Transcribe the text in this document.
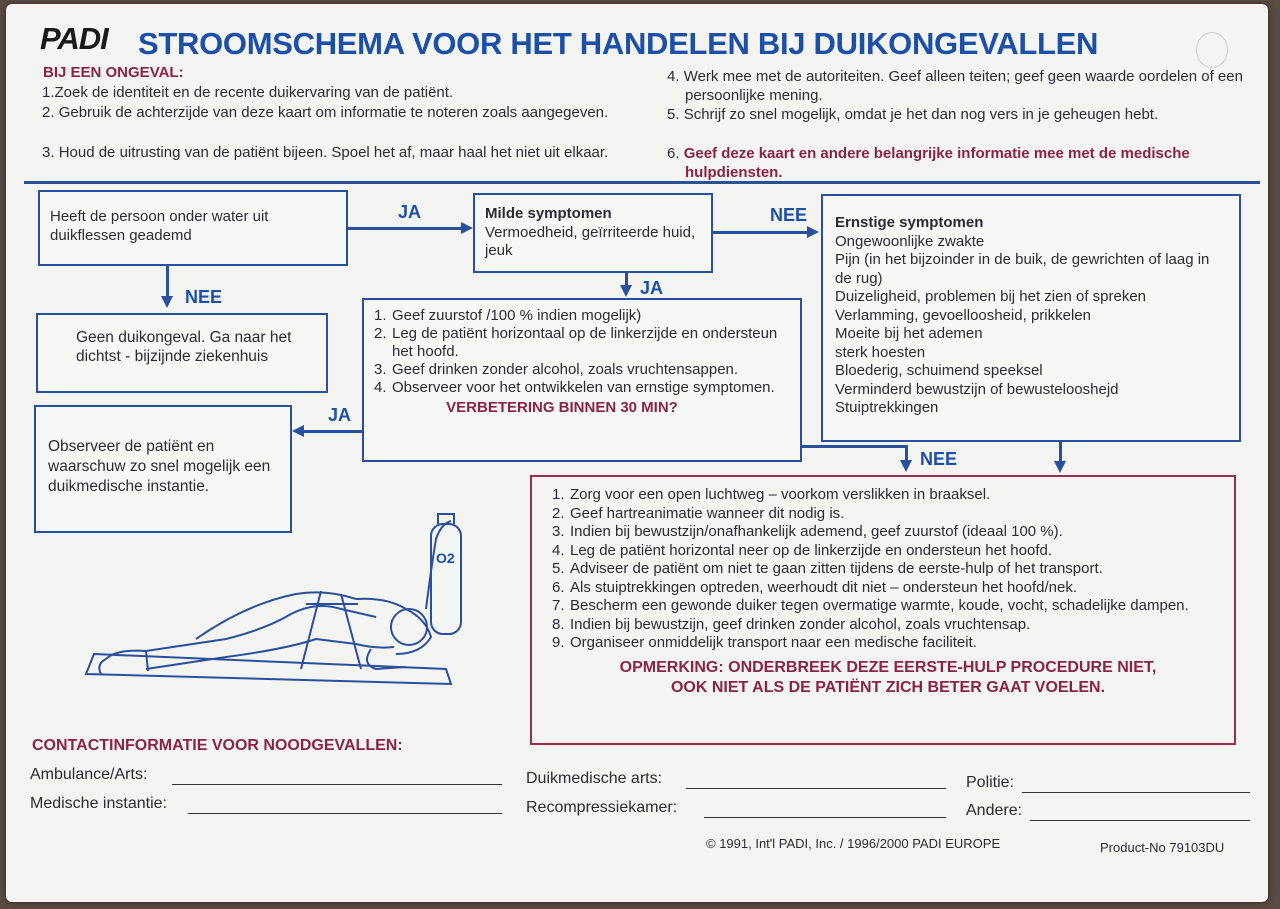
PADI STROOMSCHEMA VOOR HET HANDELEN BIJ DUIKONGEVALLEN
BIJ EEN ONGEVAL:
1.Zoek de identiteit en de recente duikervaring van de patiënt.
2. Gebruik de achterzijde van deze kaart om informatie te noteren zoals aangegeven.
3. Houd de uitrusting van de patiënt bijeen. Spoel het af, maar haal het niet uit elkaar.
4. Werk mee met de autoriteiten. Geef alleen teiten; geef geen waarde oordelen of een persoonlijke mening.
5. Schrijf zo snel mogelijk, omdat je het dan nog vers in je geheugen hebt.
6. Geef deze kaart en andere belangrijke informatie mee met de medische hulpdiensten.
Heeft de persoon onder water uit duikflessen geademd
JA	Milde symptomen
Vermoedheid, geïrriteerde huid, jeuk
NEE Ernstige symptomen
Ongewoonlijke zwakte
Pijn (in het bijzoinder in de buik, de gewrichten of laag in de rug)
Duizeligheid, problemen bij het zien of spreken
Verlamming, gevoelloosheid, prikkelen
Moeite bij het ademen
sterk hoesten
Bloederig, schuimend speeksel
Verminderd bewustzijn of bewustelooshejd
Stuiptrekkingen
NEE
Geen duikongeval. Ga naar het dichtst - bijzijnde ziekenhuis
JA
1. Geef zuurstof /100 % indien mogelijk)
2. Leg de patiënt horizontaal op de linkerzijde en ondersteun het hoofd.
3. Geef drinken zonder alcohol, zoals vruchtensappen.
4. Observeer voor het ontwikkelen van ernstige symptomen.
VERBETERING BINNEN 30 MIN?
JA
Observeer de patiënt en waarschuw zo snel mogelijk een duikmedische instantie.
NEE
1. Zorg voor een open luchtweg – voorkom verslikken in braaksel.
2. Geef hartreanimatie wanneer dit nodig is.
3. Indien bij bewustzijn/onafhankelijk ademend, geef zuurstof (ideaal 100 %).
4. Leg de patiënt horizontal neer op de linkerzijde en ondersteun het hoofd.
5. Adviseer de patiënt om niet te gaan zitten tijdens de eerste-hulp of het transport.
6. Als stuiptrekkingen optreden, weerhoudt dit niet – ondersteun het hoofd/nek.
7. Bescherm een gewonde duiker tegen overmatige warmte, koude, vocht, schadelijke dampen.
8. Indien bij bewustzijn, geef drinken zonder alcohol, zoals vruchtensap.
9. Organiseer onmiddelijk transport naar een medische faciliteit.
OPMERKING: ONDERBREEK DEZE EERSTE-HULP PROCEDURE NIET,
OOK NIET ALS DE PATIËNT ZICH BETER GAAT VOELEN.
O2
CONTACTINFORMATIE VOOR NOODGEVALLEN:
Ambulance/Arts:
Medische instantie:
Duikmedische arts:
Recompressiekamer:
Politie:
Andere:
© 1991, Int'l PADI, Inc. / 1996/2000 PADI EUROPE	Product-No 79103DU
